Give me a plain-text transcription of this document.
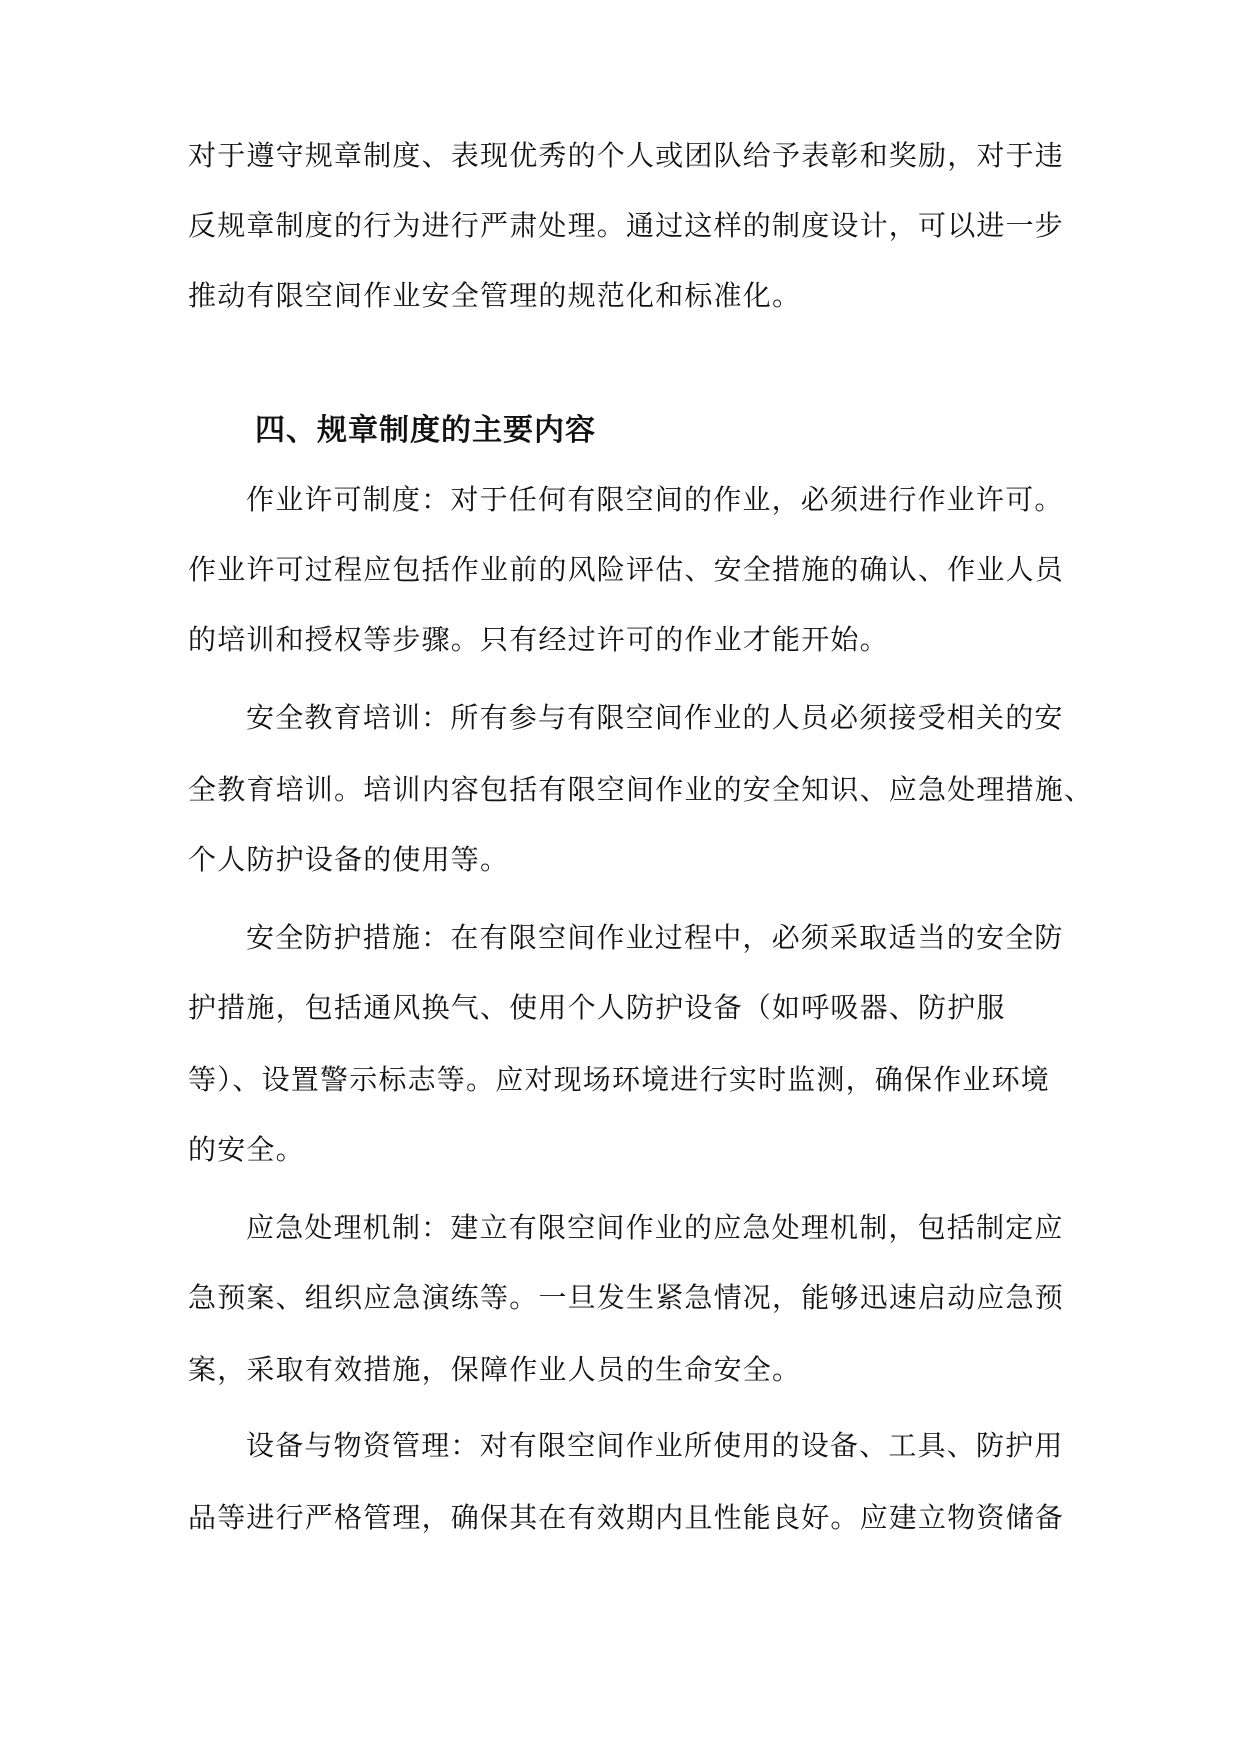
对于遵守规章制度、表现优秀的个人或团队给予表彰和奖励，对于违
反规章制度的行为进行严肃处理。通过这样的制度设计，可以进一步
推动有限空间作业安全管理的规范化和标准化。
四、规章制度的主要内容
作业许可制度：对于任何有限空间的作业，必须进行作业许可。
作业许可过程应包括作业前的风险评估、安全措施的确认、作业人员
的培训和授权等步骤。只有经过许可的作业才能开始。
安全教育培训：所有参与有限空间作业的人员必须接受相关的安
全教育培训。培训内容包括有限空间作业的安全知识、应急处理措施、
个人防护设备的使用等。
安全防护措施：在有限空间作业过程中，必须采取适当的安全防
护措施，包括通风换气、使用个人防护设备（如呼吸器、防护服
等）、设置警示标志等。应对现场环境进行实时监测，确保作业环境
的安全。
应急处理机制：建立有限空间作业的应急处理机制，包括制定应
急预案、组织应急演练等。一旦发生紧急情况，能够迅速启动应急预
案，采取有效措施，保障作业人员的生命安全。
设备与物资管理：对有限空间作业所使用的设备、工具、防护用
品等进行严格管理，确保其在有效期内且性能良好。应建立物资储备
